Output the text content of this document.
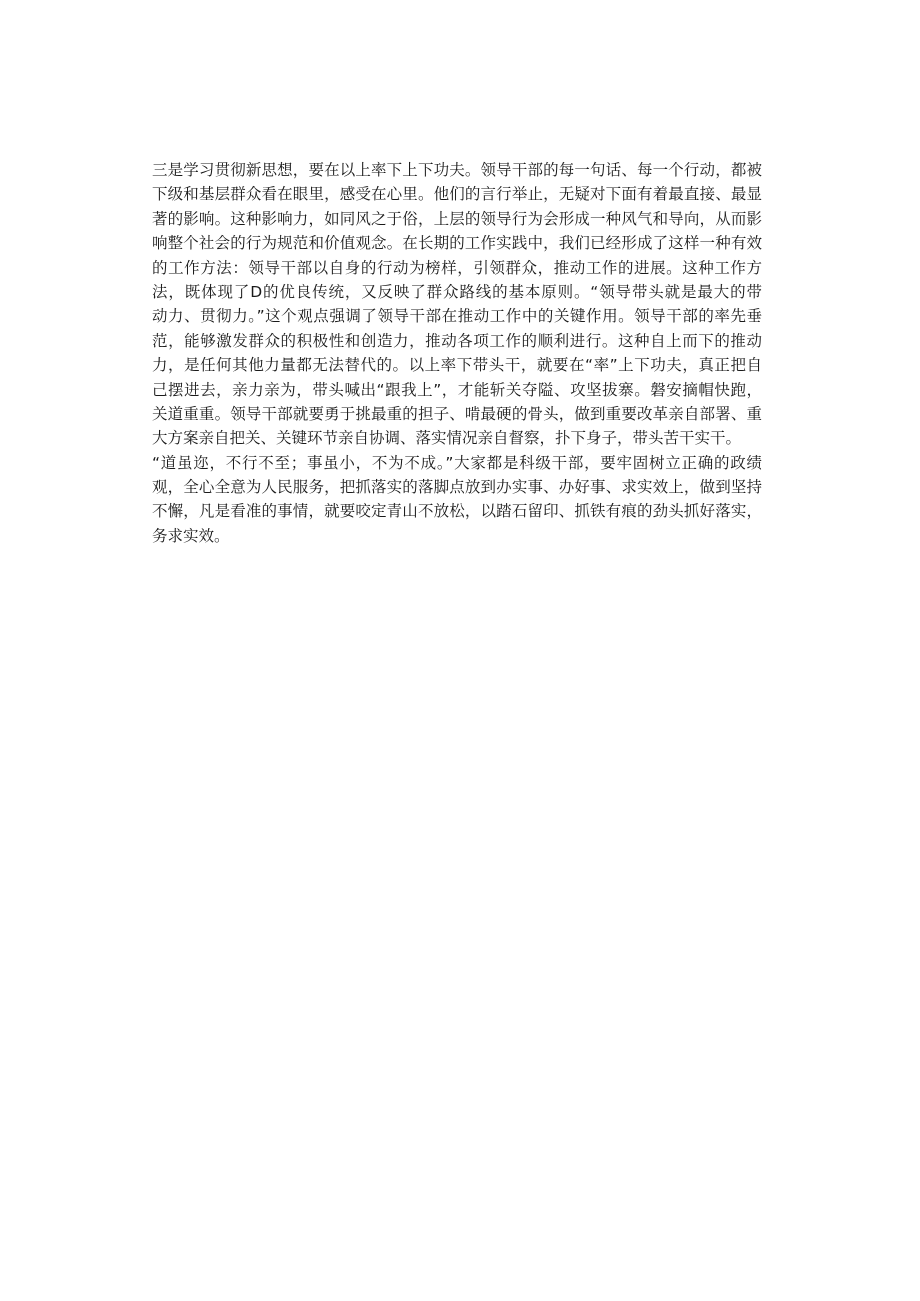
三是学习贯彻新思想，要在以上率下上下功夫。领导干部的每一句话、每一个行动，都被
下级和基层群众看在眼里，感受在心里。他们的言行举止，无疑对下面有着最直接、最显
著的影响。这种影响力，如同风之于俗，上层的领导行为会形成一种风气和导向，从而影
响整个社会的行为规范和价值观念。在长期的工作实践中，我们已经形成了这样一种有效
的工作方法：领导干部以自身的行动为榜样，引领群众，推动工作的进展。这种工作方
法，既体现了D的优良传统，又反映了群众路线的基本原则。“领导带头就是最大的带
动力、贯彻力。”这个观点强调了领导干部在推动工作中的关键作用。领导干部的率先垂
范，能够激发群众的积极性和创造力，推动各项工作的顺利进行。这种自上而下的推动
力，是任何其他力量都无法替代的。以上率下带头干，就要在“率”上下功夫，真正把自
己摆进去，亲力亲为，带头喊出“跟我上”，才能斩关夺隘、攻坚拔寨。磐安摘帽快跑，
关道重重。领导干部就要勇于挑最重的担子、啃最硬的骨头，做到重要改革亲自部署、重
大方案亲自把关、关键环节亲自协调、落实情况亲自督察，扑下身子，带头苦干实干。
“道虽迩，不行不至；事虽小，不为不成。”大家都是科级干部，要牢固树立正确的政绩
观，全心全意为人民服务，把抓落实的落脚点放到办实事、办好事、求实效上，做到坚持
不懈，凡是看准的事情，就要咬定青山不放松，以踏石留印、抓铁有痕的劲头抓好落实，
务求实效。
